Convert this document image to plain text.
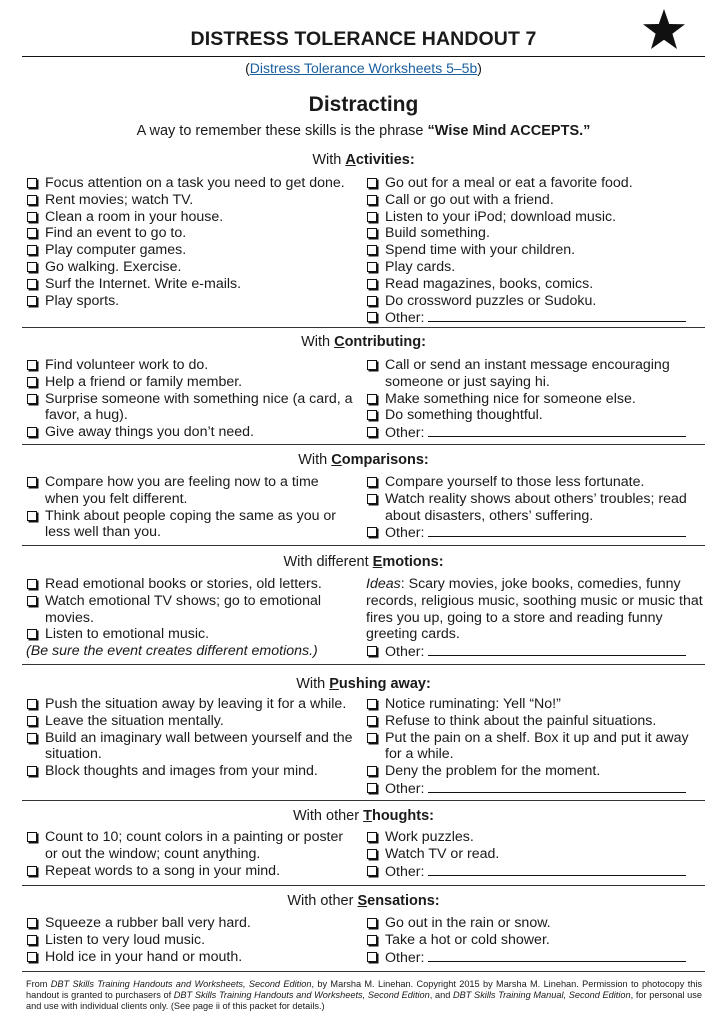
DISTRESS TOLERANCE HANDOUT 7
(Distress Tolerance Worksheets 5–5b)
Distracting
A way to remember these skills is the phrase “Wise Mind ACCEPTS.”
With Activities:
Focus attention on a task you need to get done.
Rent movies; watch TV.
Clean a room in your house.
Find an event to go to.
Play computer games.
Go walking. Exercise.
Surf the Internet. Write e-mails.
Play sports.
Go out for a meal or eat a favorite food.
Call or go out with a friend.
Listen to your iPod; download music.
Build something.
Spend time with your children.
Play cards.
Read magazines, books, comics.
Do crossword puzzles or Sudoku.
Other:
With Contributing:
Find volunteer work to do.
Help a friend or family member.
Surprise someone with something nice (a card, a favor, a hug).
Give away things you don’t need.
Call or send an instant message encouraging someone or just saying hi.
Make something nice for someone else.
Do something thoughtful.
Other:
With Comparisons:
Compare how you are feeling now to a time when you felt different.
Think about people coping the same as you or less well than you.
Compare yourself to those less fortunate.
Watch reality shows about others’ troubles; read about disasters, others’ suffering.
Other:
With different Emotions:
Read emotional books or stories, old letters.
Watch emotional TV shows; go to emotional movies.
Listen to emotional music.
(Be sure the event creates different emotions.)
Ideas: Scary movies, joke books, comedies, funny records, religious music, soothing music or music that fires you up, going to a store and reading funny greeting cards.
Other:
With Pushing away:
Push the situation away by leaving it for a while.
Leave the situation mentally.
Build an imaginary wall between yourself and the situation.
Block thoughts and images from your mind.
Notice ruminating: Yell “No!”
Refuse to think about the painful situations.
Put the pain on a shelf. Box it up and put it away for a while.
Deny the problem for the moment.
Other:
With other Thoughts:
Count to 10; count colors in a painting or poster or out the window; count anything.
Repeat words to a song in your mind.
Work puzzles.
Watch TV or read.
Other:
With other Sensations:
Squeeze a rubber ball very hard.
Listen to very loud music.
Hold ice in your hand or mouth.
Go out in the rain or snow.
Take a hot or cold shower.
Other:
From DBT Skills Training Handouts and Worksheets, Second Edition, by Marsha M. Linehan. Copyright 2015 by Marsha M. Linehan. Permission to photocopy this handout is granted to purchasers of DBT Skills Training Handouts and Worksheets, Second Edition, and DBT Skills Training Manual, Second Edition, for personal use and use with individual clients only. (See page ii of this packet for details.)
